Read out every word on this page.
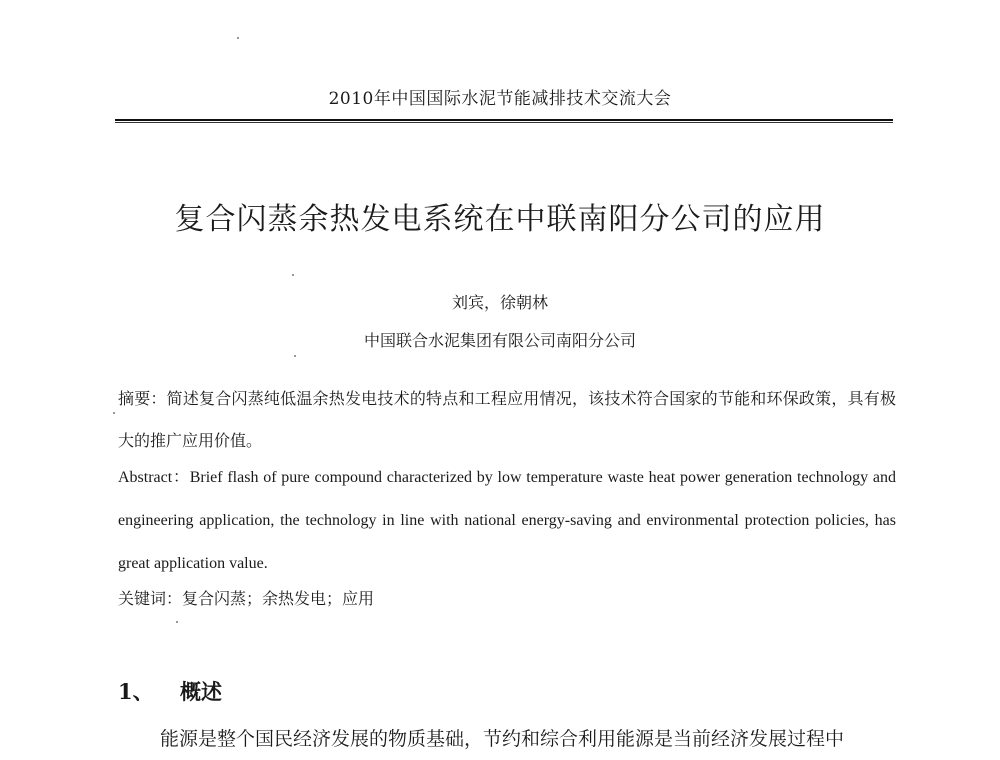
2010年中国国际水泥节能减排技术交流大会
复合闪蒸余热发电系统在中联南阳分公司的应用
刘宾，徐朝林
中国联合水泥集团有限公司南阳分公司
摘要：简述复合闪蒸纯低温余热发电技术的特点和工程应用情况，该技术符合国家的节能和环保政策，具有极大的推广应用价值。
Abstract：Brief flash of pure compound characterized by low temperature waste heat power generation technology and engineering application, the technology in line with national energy-saving and environmental protection policies, has great application value.
关键词：复合闪蒸；余热发电；应用
1、 概述
能源是整个国民经济发展的物质基础，节约和综合利用能源是当前经济发展过程中
